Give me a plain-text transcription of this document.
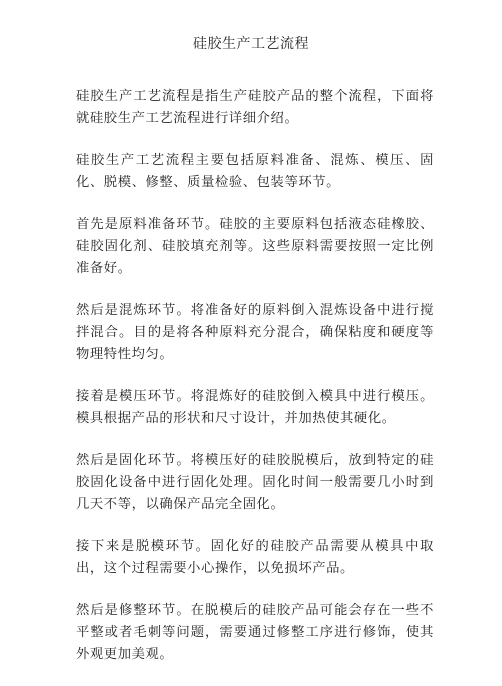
硅胶生产工艺流程

硅胶生产工艺流程是指生产硅胶产品的整个流程，下面将就硅胶生产工艺流程进行详细介绍。

硅胶生产工艺流程主要包括原料准备、混炼、模压、固化、脱模、修整、质量检验、包装等环节。

首先是原料准备环节。硅胶的主要原料包括液态硅橡胶、硅胶固化剂、硅胶填充剂等。这些原料需要按照一定比例准备好。

然后是混炼环节。将准备好的原料倒入混炼设备中进行搅拌混合。目的是将各种原料充分混合，确保粘度和硬度等物理特性均匀。

接着是模压环节。将混炼好的硅胶倒入模具中进行模压。模具根据产品的形状和尺寸设计，并加热使其硬化。

然后是固化环节。将模压好的硅胶脱模后，放到特定的硅胶固化设备中进行固化处理。固化时间一般需要几小时到几天不等，以确保产品完全固化。

接下来是脱模环节。固化好的硅胶产品需要从模具中取出，这个过程需要小心操作，以免损坏产品。

然后是修整环节。在脱模后的硅胶产品可能会存在一些不平整或者毛刺等问题，需要通过修整工序进行修饰，使其外观更加美观。
